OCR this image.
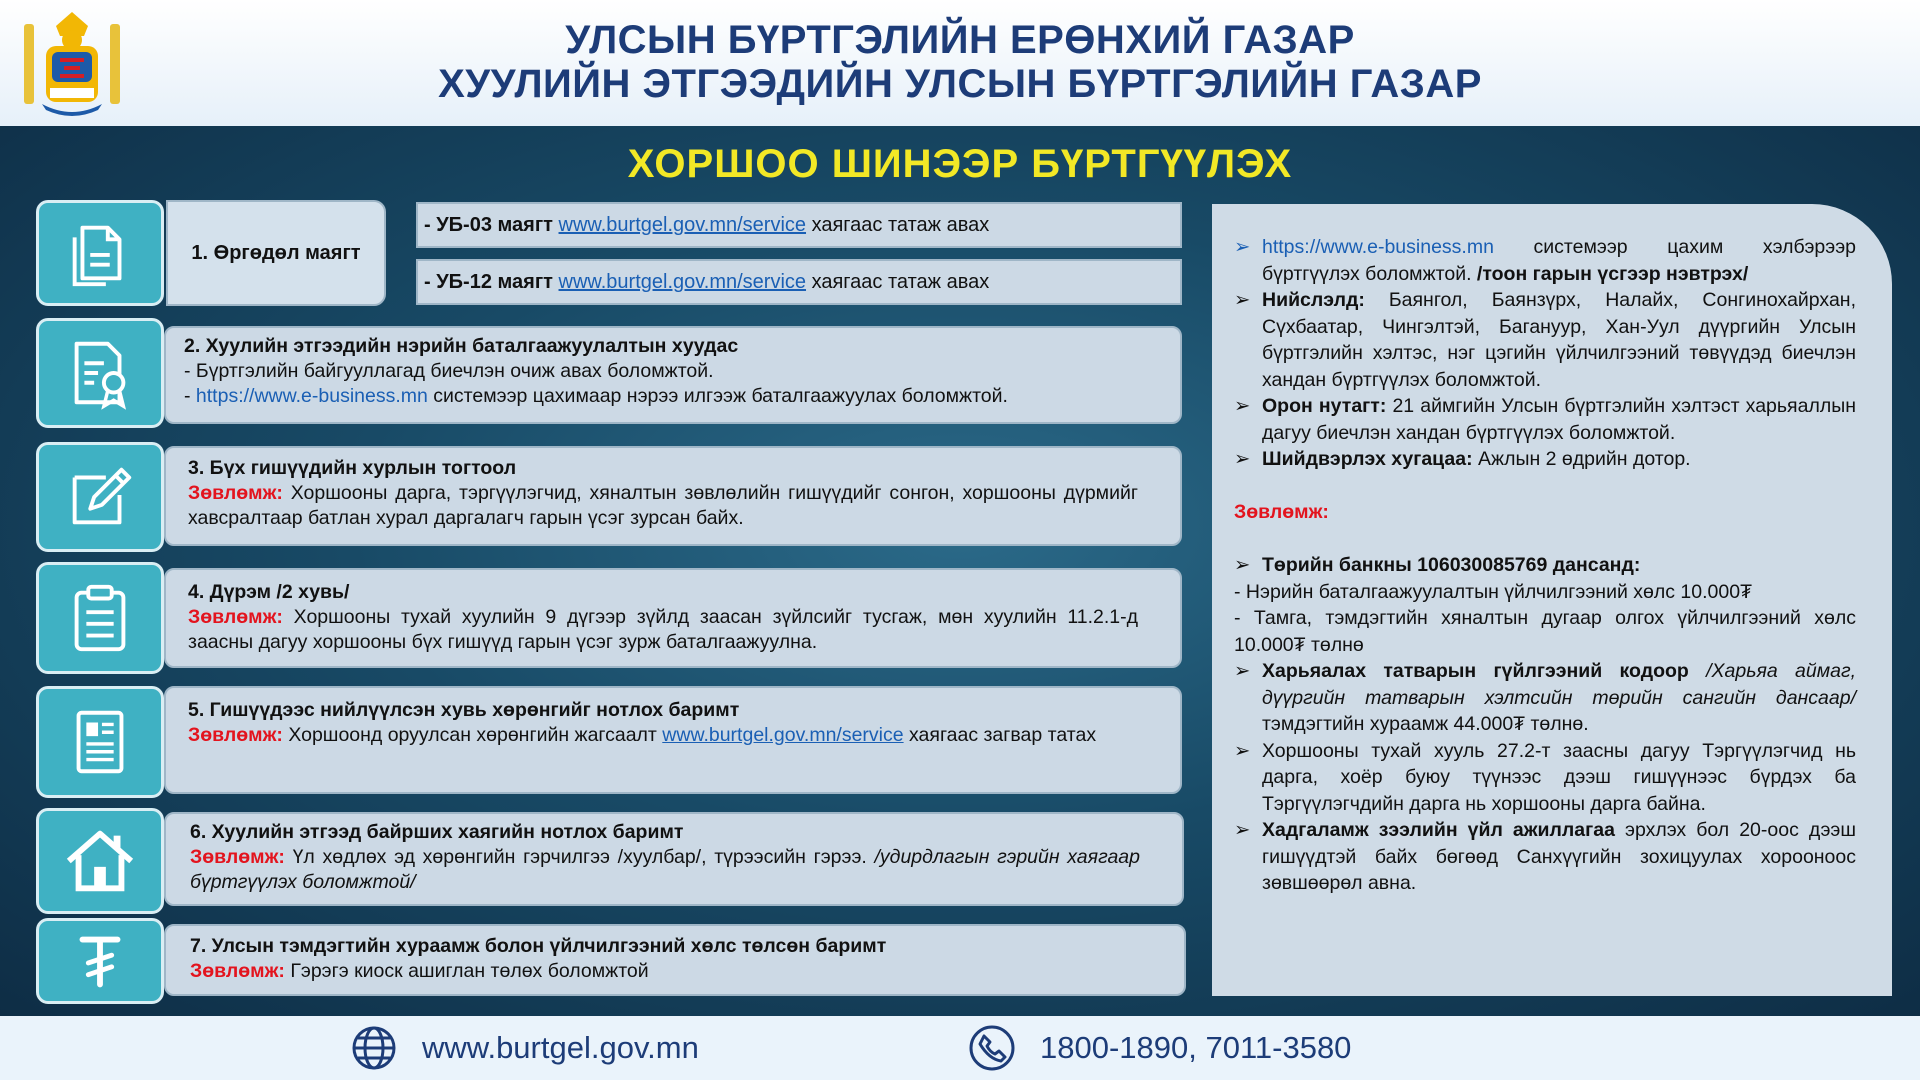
УЛСЫН БҮРТГЭЛИЙН ЕРӨНХИЙ ГАЗАР
ХУУЛИЙН ЭТГЭЭДИЙН УЛСЫН БҮРТГЭЛИЙН ГАЗАР
ХОРШОО ШИНЭЭР БҮРТГҮҮЛЭХ
1. Өргөдөл маягт
- УБ-03 маягт
www.burtgel.gov.mn/service
хаягаас татаж авах
- УБ-12 маягт
www.burtgel.gov.mn/service
хаягаас татаж авах
2. Хуулийн этгээдийн нэрийн баталгаажуулалтын хуудас
- Бүртгэлийн байгууллагад биечлэн очиж авах боломжтой.
- https://www.e-business.mn системээр цахимаар нэрээ илгээж баталгаажуулах боломжтой.
3. Бүх гишүүдийн хурлын тогтоол
Зөвлөмж: Хоршооны дарга, тэргүүлэгчид, хяналтын зөвлөлийн гишүүдийг сонгон, хоршооны дүрмийг хавсралтаар батлан хурал даргалагч гарын үсэг зурсан байх.
4. Дүрэм /2 хувь/
Зөвлөмж: Хоршооны тухай хуулийн 9 дүгээр зүйлд заасан зүйлсийг тусгаж, мөн хуулийн 11.2.1-д заасны дагуу хоршооны бүх гишүүд гарын үсэг зурж баталгаажуулна.
5. Гишүүдээс нийлүүлсэн хувь хөрөнгийг нотлох баримт
Зөвлөмж: Хоршоонд оруулсан хөрөнгийн жагсаалт www.burtgel.gov.mn/service хаягаас загвар татах
6. Хуулийн этгээд байрших хаягийн нотлох баримт
Зөвлөмж: Үл хөдлөх эд хөрөнгийн гэрчилгээ /хуулбар/, түрээсийн гэрээ. /удирдлагын гэрийн хаягаар бүртгүүлэх боломжтой/
7. Улсын тэмдэгтийн хураамж болон үйлчилгээний хөлс төлсөн баримт
Зөвлөмж: Гэрэгэ киоск ашиглан төлөх боломжтой
➢ https://www.e-business.mn системээр цахим хэлбэрээр бүртгүүлэх боломжтой. /тоон гарын үсгээр нэвтрэх/
➢ Нийслэлд: Баянгол, Баянзүрх, Налайх, Сонгинохайрхан, Сүхбаатар, Чингэлтэй, Багануур, Хан-Уул дүүргийн Улсын бүртгэлийн хэлтэс, нэг цэгийн үйлчилгээний төвүүдэд биечлэн хандан бүртгүүлэх боломжтой.
➢ Орон нутагт: 21 аймгийн Улсын бүртгэлийн хэлтэст харьяаллын дагуу биечлэн хандан бүртгүүлэх боломжтой.
➢ Шийдвэрлэх хугацаа: Ажлын 2 өдрийн дотор.
Зөвлөмж:
➢ Төрийн банкны 106030085769 дансанд:
- Нэрийн баталгаажуулалтын үйлчилгээний хөлс 10.000₮
- Тамга, тэмдэгтийн хяналтын дугаар олгох үйлчилгээний хөлс 10.000₮ төлнө
➢ Харьяалах татварын гүйлгээний кодоор /Харьяа аймаг, дүүргийн татварын хэлтсийн төрийн сангийн дансаар/ тэмдэгтийн хураамж 44.000₮ төлнө.
➢ Хоршооны тухай хууль 27.2-т заасны дагуу Тэргүүлэгчид нь дарга, хоёр буюу түүнээс дээш гишүүнээс бүрдэх ба Тэргүүлэгчдийн дарга нь хоршооны дарга байна.
➢ Хадгаламж зээлийн үйл ажиллагаа эрхлэх бол 20-оос дээш гишүүдтэй байх бөгөөд Санхүүгийн зохицуулах хорооноос зөвшөөрөл авна.
www.burtgel.gov.mn	1800-1890, 7011-3580
